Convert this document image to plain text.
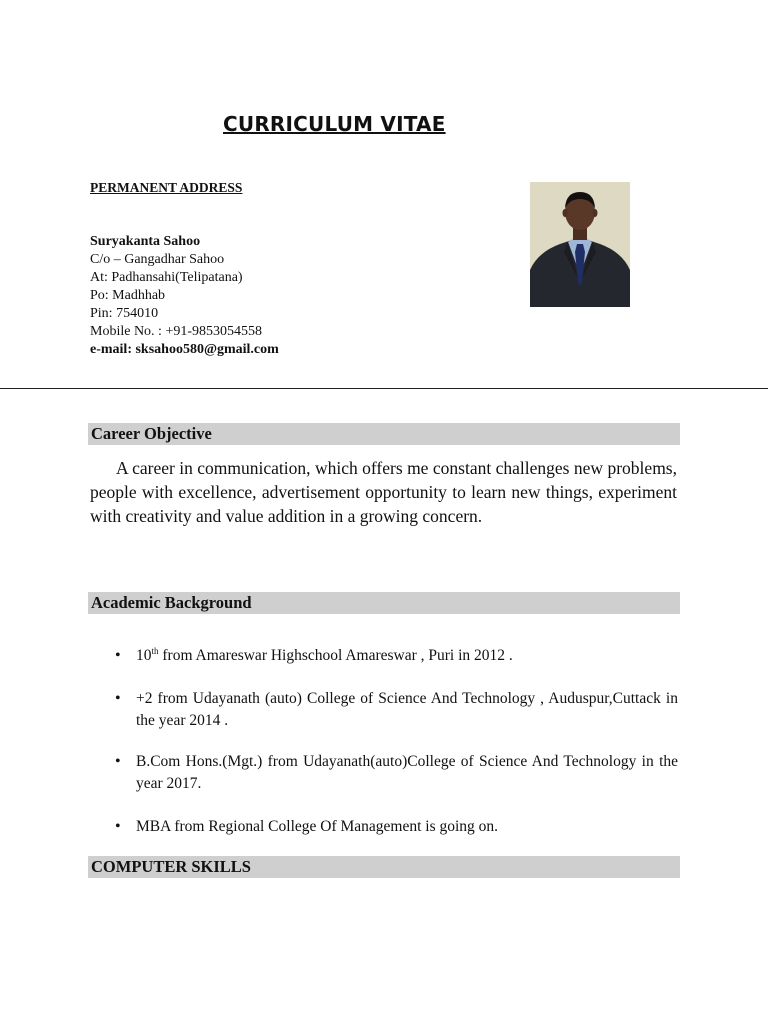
CURRICULUM VITAE
PERMANENT ADDRESS
Suryakanta Sahoo
C/o – Gangadhar Sahoo
At: Padhansahi(Telipatana)
Po: Madhhab
Pin: 754010
Mobile No. : +91-9853054558
e-mail: sksahoo580@gmail.com
Career Objective
A career in communication, which offers me constant challenges new problems, people with excellence, advertisement opportunity to learn new things, experiment with creativity and value addition in a growing concern.
Academic Background
• 10th from Amareswar Highschool Amareswar , Puri in 2012 .
• +2 from Udayanath (auto) College of Science And Technology , Auduspur,Cuttack in the year 2014 .
• B.Com Hons.(Mgt.) from Udayanath(auto)College of Science And Technology in the year 2017.
• MBA from Regional College Of Management is going on.
COMPUTER SKILLS
